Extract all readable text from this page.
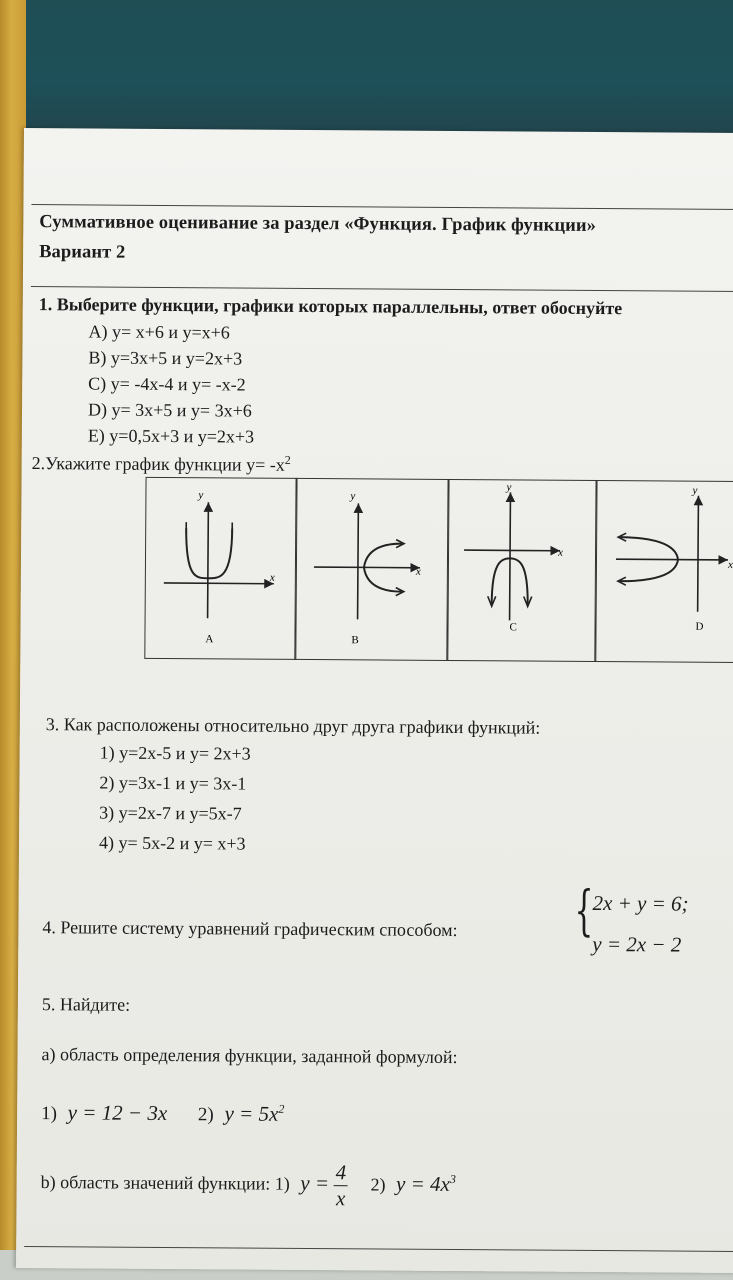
Суммативное оценивание за раздел «Функция. График функции»
Вариант 2
1. Выберите функции, графики которых параллельны, ответ обоснуйте
A) y= x+6 и y=x+6
B) y=3x+5 и y=2x+3
C) y= -4x-4 и y= -x-2
D) y= 3x+5 и y= 3x+6
E) y=0,5x+3 и y=2x+3
2.Укажите график функции $y= -x^2$
y
x
A
y
x
B
y
x
C
y
x
D
3. Как расположены относительно друг друга графики функций:
1) y=2x-5 и y= 2x+3
2) y=3x-1 и y= 3x-1
3) y=2x-7 и y=5x-7
4) y= 5x-2 и y= x+3
4. Решите систему уравнений графическим способом: {
2x + y = 6;
y = 2x − 2
5. Найдите:
а) область определения функции, заданной формулой:
1) y = 12 − 3x 2) $y = 5x^2$
b) область значений функции: 1) $y = \frac{4}{x} 2$) $y = 4x^3$
